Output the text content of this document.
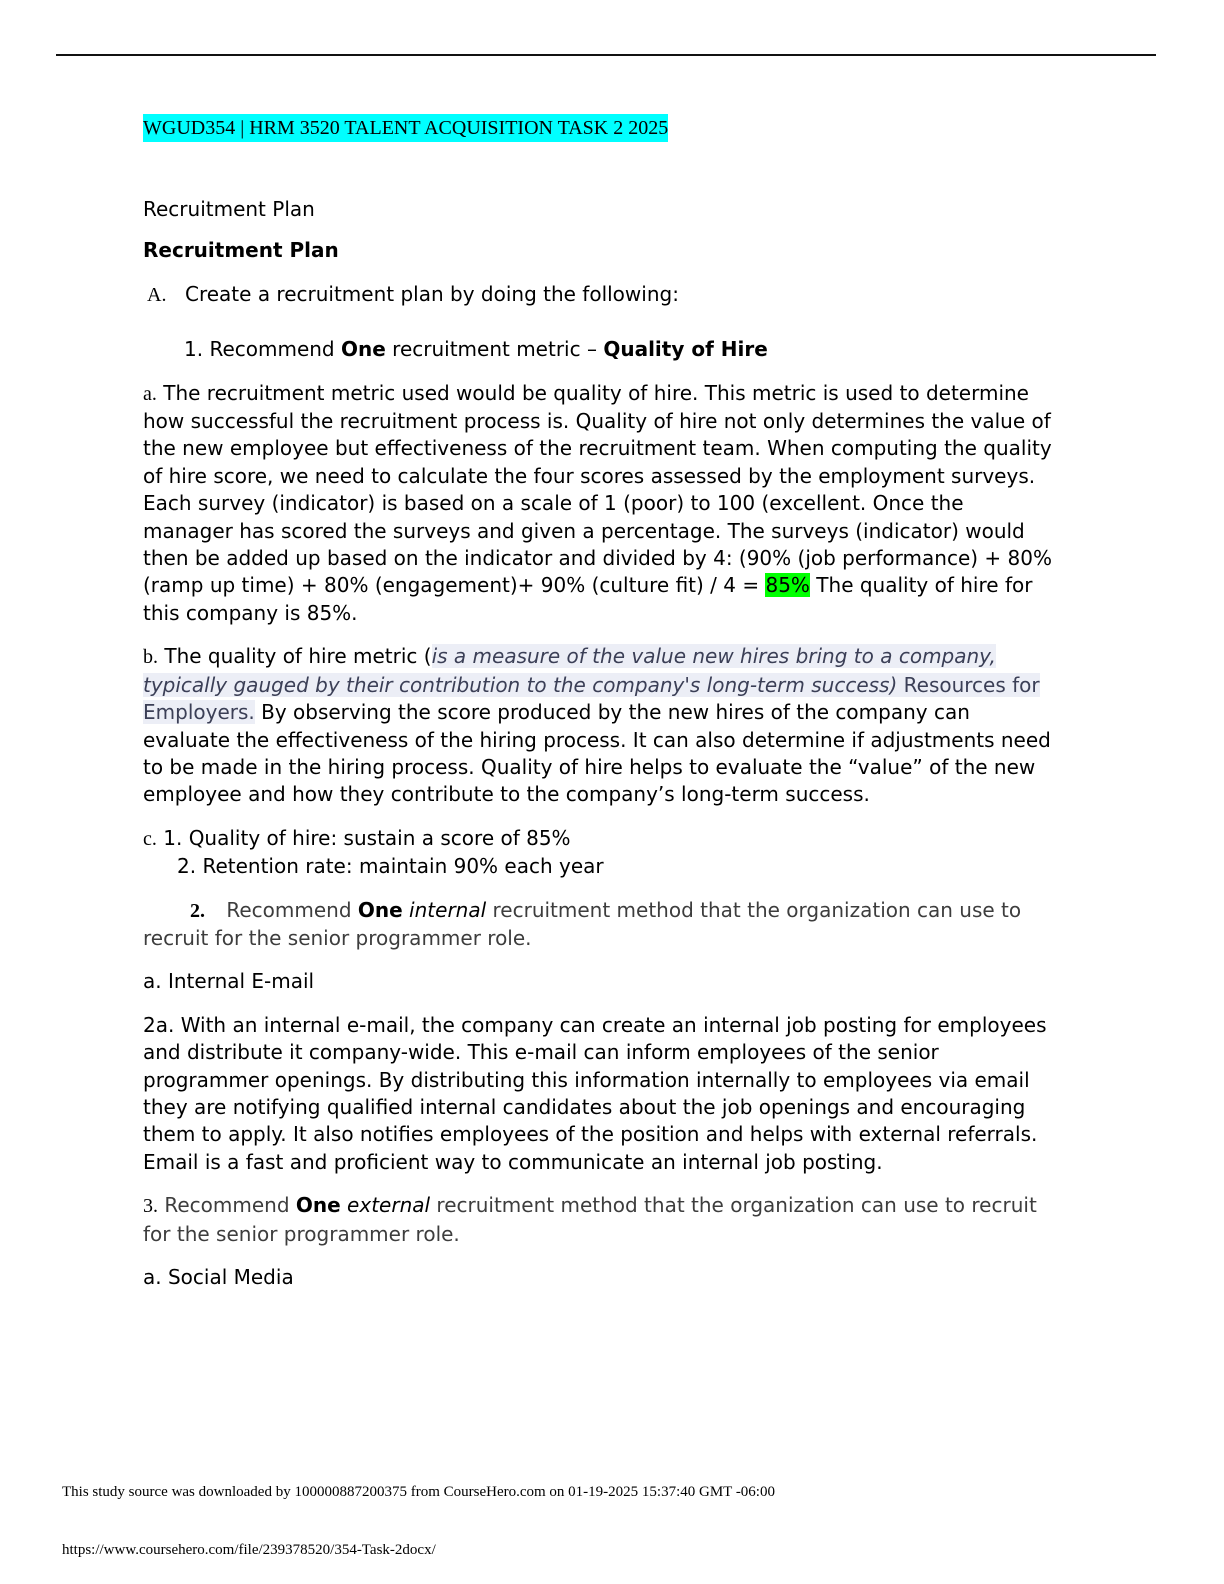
WGUD354 | HRM 3520 TALENT ACQUISITION TASK 2 2025
Recruitment Plan
Recruitment Plan
A. Create a recruitment plan by doing the following:
1. Recommend One recruitment metric – Quality of Hire
a. The recruitment metric used would be quality of hire. This metric is used to determine how successful the recruitment process is. Quality of hire not only determines the value of the new employee but effectiveness of the recruitment team. When computing the quality of hire score, we need to calculate the four scores assessed by the employment surveys. Each survey (indicator) is based on a scale of 1 (poor) to 100 (excellent. Once the manager has scored the surveys and given a percentage. The surveys (indicator) would then be added up based on the indicator and divided by 4: (90% (job performance) + 80% (ramp up time) + 80% (engagement)+ 90% (culture fit) / 4 = 85% The quality of hire for this company is 85%.
b. The quality of hire metric (is a measure of the value new hires bring to a company, typically gauged by their contribution to the company's long-term success) Resources for Employers. By observing the score produced by the new hires of the company can evaluate the effectiveness of the hiring process. It can also determine if adjustments need to be made in the hiring process. Quality of hire helps to evaluate the “value” of the new employee and how they contribute to the company’s long-term success.
c. 1. Quality of hire: sustain a score of 85%
2. Retention rate: maintain 90% each year
2. Recommend One internal recruitment method that the organization can use to recruit for the senior programmer role.
a. Internal E-mail
2a. With an internal e-mail, the company can create an internal job posting for employees and distribute it company-wide. This e-mail can inform employees of the senior programmer openings. By distributing this information internally to employees via email they are notifying qualified internal candidates about the job openings and encouraging them to apply. It also notifies employees of the position and helps with external referrals. Email is a fast and proficient way to communicate an internal job posting.
3. Recommend One external recruitment method that the organization can use to recruit for the senior programmer role.
a. Social Media
This study source was downloaded by 100000887200375 from CourseHero.com on 01-19-2025 15:37:40 GMT -06:00
https://www.coursehero.com/file/239378520/354-Task-2docx/
